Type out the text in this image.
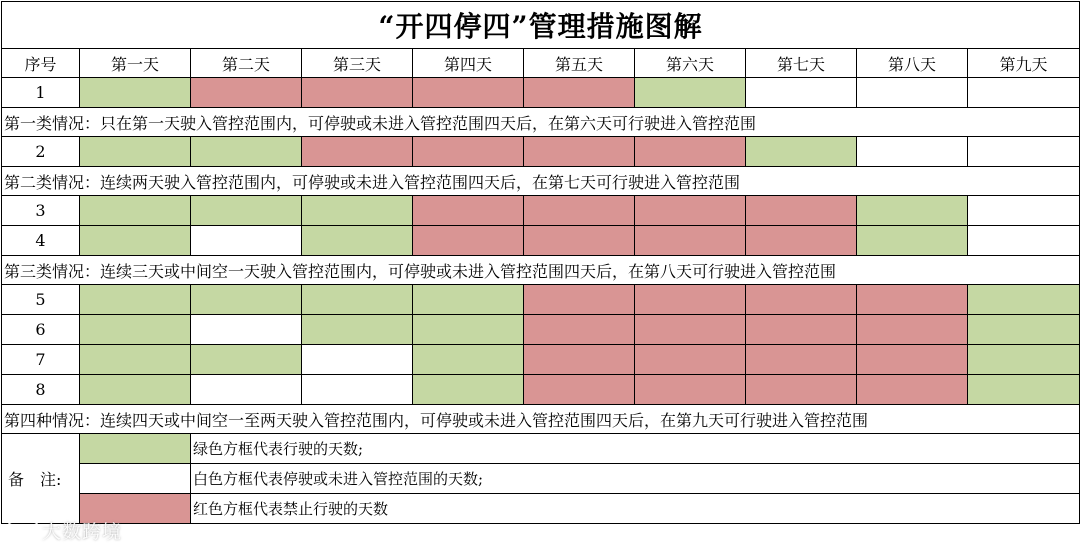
“开四停四”管理措施图解									
序号	第一天	第二天	第三天	第四天	第五天	第六天	第七天	第八天	第九天
1									
第一类情况：只在第一天驶入管控范围内，可停驶或未进入管控范围四天后，在第六天可行驶进入管控范围									
2									
第二类情况：连续两天驶入管控范围内，可停驶或未进入管控范围四天后，在第七天可行驶进入管控范围									
3									
4									
第三类情况：连续三天或中间空一天驶入管控范围内，可停驶或未进入管控范围四天后，在第八天可行驶进入管控范围									
5									
6									
7									
8									
第四种情况：连续四天或中间空一至两天驶入管控范围内，可停驶或未进入管控范围四天后，在第九天可行驶进入管控范围									
备　注:		绿色方框代表行驶的天数;							
		白色方框代表停驶或未进入管控范围的天数;							
		红色方框代表禁止行驶的天数							
大数跨境
